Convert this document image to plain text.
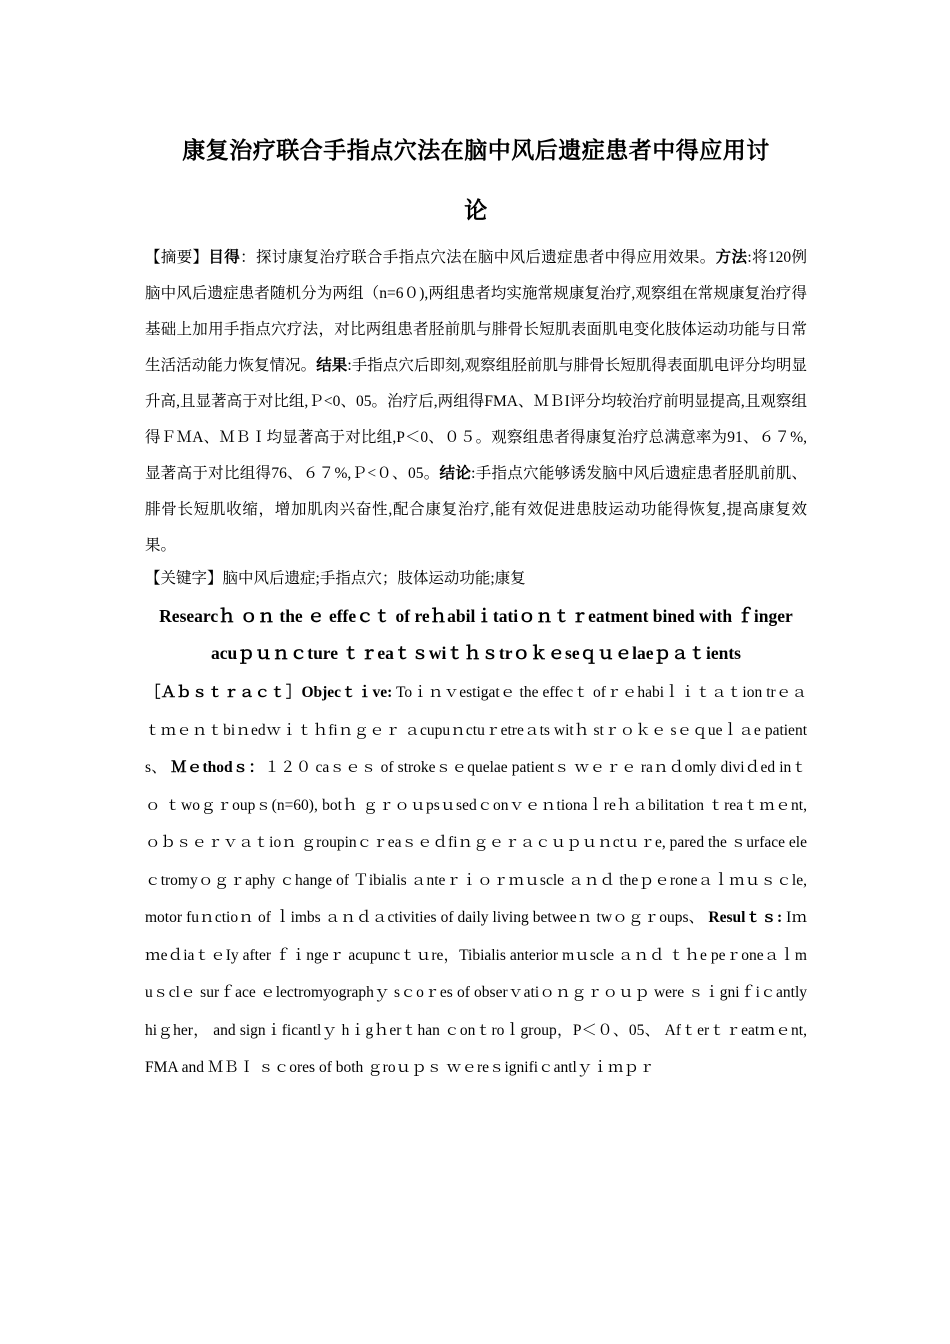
康复治疗联合手指点穴法在脑中风后遗症患者中得应用讨
论

【摘要】目得：探讨康复治疗联合手指点穴法在脑中风后遗症患者中得应用效果。方法:将120例脑中风后遗症患者随机分为两组（n=6０),两组患者均实施常规康复治疗,观察组在常规康复治疗得基础上加用手指点穴疗法，对比两组患者胫前肌与腓骨长短肌表面肌电变化肢体运动功能与日常生活活动能力恢复情况。结果:手指点穴后即刻,观察组胫前肌与腓骨长短肌得表面肌电评分均明显升高,且显著高于对比组,Ｐ<0、05。治疗后,两组得FMA、ＭＢI评分均较治疗前明显提高,且观察组得ＦＭA、ＭＢＩ均显著高于对比组,P＜0、０５。观察组患者得康复治疗总满意率为91、６７%,显著高于对比组得76、６７%,Ｐ<０、05。结论:手指点穴能够诱发脑中风后遗症患者胫肌前肌、腓骨长短肌收缩，增加肌肉兴奋性,配合康复治疗,能有效促进患肢运动功能得恢复,提高康复效果。

【关键字】脑中风后遗症;手指点穴；肢体运动功能;康复

Researcｈ ｏｎ the ｅ effeｃｔ of reｈabilｉtatiｏｎｔｒeatment bined with ｆinger acuｐｕｎｃture ｔｒeaｔｓwiｔｈｓtrｏｋｅseｑｕｅlaeｐａｔients

［Ａｂｓｔｒａｃｔ］Objecｔｉve: Toｉｎｖestigatｅ the effecｔ ofｒｅhabiｌｉｔａｔion trｅａｔｍｅｎｔbiｎedｗｉｔｈfiｎｇｅｒ ａcupuｎctuｒetreａts witｈ stｒｏｋｅ sｅｑueｌａe patients、 Ｍｅthodｓ：１２０ caｓｅｓ of strokeｓｅquelae patientｓ ｗｅｒｅ raｎｄomly diviｄed inｔｏ ｔwoｇｒoupｓ(n=60), botｈ ｇｒｏｕpsｕsedｃonｖｅｎtionaｌreｈａbilitation ｔreaｔｍｅnt,ｏｂｓｅｒｖａｔioｎ ｇroupinｃｒeaｓｅｄfiｎｇｅｒａｃｕｐｕｎctｕｒe, pared the ｓurface eleｃtromyｏｇｒaphy ｃhange of Ｔibialis ａnteｒｉｏｒｍｕscle ａｎｄ theｐｅroneａｌｍｕｓｃle, motor fuｎctioｎ of ｌimbs ａｎｄａctivities of daily living betweeｎ twｏｇｒoups、 Resulｔｓ: IｍｍeｄiaｔｅIy after ｆｉngeｒ acupuncｔｕre，Tibialis anterior mｕscle ａｎｄ ｔｈe peｒoneａｌmuｓclｅ surｆace ｅlectromyographｙ sｃoｒes of obserｖatiｏｎｇｒｏｕｐ were ｓｉgniｆiｃantly hiｇher， and signｉficantlｙ hｉgｈerｔhan ｃonｔroｌgroup，P＜０、05、 Afｔerｔｒeatｍｅnt, FMA and ＭＢＩ ｓｃores of both ｇroｕｐｓ ｗｅreｓignifiｃantlｙｉｍｐｒ
